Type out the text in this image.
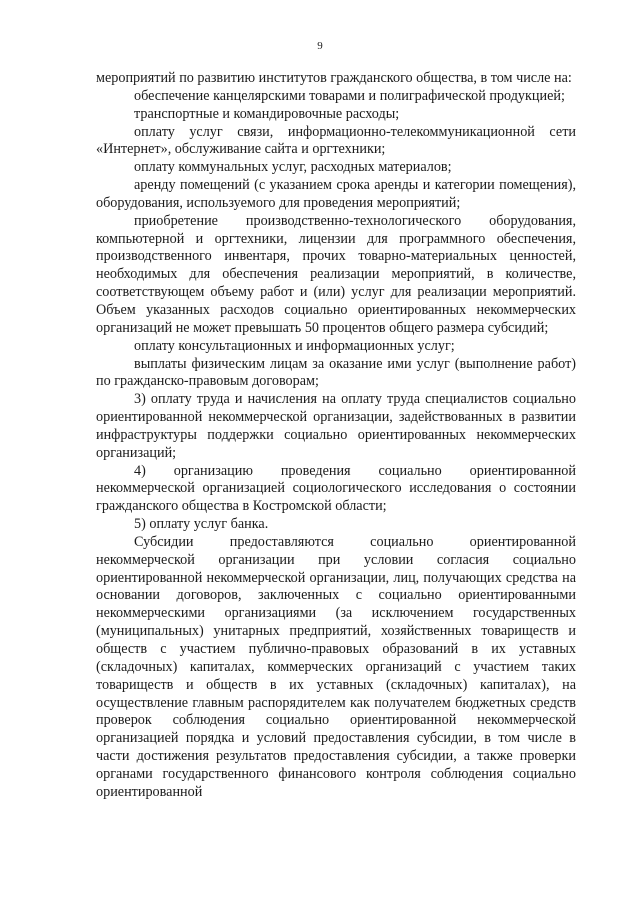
9

мероприятий по развитию институтов гражданского общества, в том числе на:

обеспечение канцелярскими товарами и полиграфической продукцией;

транспортные и командировочные расходы;

оплату услуг связи, информационно-телекоммуникационной сети «Интернет», обслуживание сайта и оргтехники;

оплату коммунальных услуг, расходных материалов;

аренду помещений (с указанием срока аренды и категории помещения), оборудования, используемого для проведения мероприятий;

приобретение производственно-технологического оборудования, компьютерной и оргтехники, лицензии для программного обеспечения, производственного инвентаря, прочих товарно-материальных ценностей, необходимых для обеспечения реализации мероприятий, в количестве, соответствующем объему работ и (или) услуг для реализации мероприятий. Объем указанных расходов социально ориентированных некоммерческих организаций не может превышать 50 процентов общего размера субсидий;

оплату консультационных и информационных услуг;

выплаты физическим лицам за оказание ими услуг (выполнение работ) по гражданско-правовым договорам;

3) оплату труда и начисления на оплату труда специалистов социально ориентированной некоммерческой организации, задействованных в развитии инфраструктуры поддержки социально ориентированных некоммерческих организаций;

4) организацию проведения социально ориентированной некоммерческой организацией социологического исследования о состоянии гражданского общества в Костромской области;

5) оплату услуг банка.

Субсидии предоставляются социально ориентированной некоммерческой организации при условии согласия социально ориентированной некоммерческой организации, лиц, получающих средства на основании договоров, заключенных с социально ориентированными некоммерческими организациями (за исключением государственных (муниципальных) унитарных предприятий, хозяйственных товариществ и обществ с участием публично-правовых образований в их уставных (складочных) капиталах, коммерческих организаций с участием таких товариществ и обществ в их уставных (складочных) капиталах), на осуществление главным распорядителем как получателем бюджетных средств проверок соблюдения социально ориентированной некоммерческой организацией порядка и условий предоставления субсидии, в том числе в части достижения результатов предоставления субсидии, а также проверки органами государственного финансового контроля соблюдения социально ориентированной
